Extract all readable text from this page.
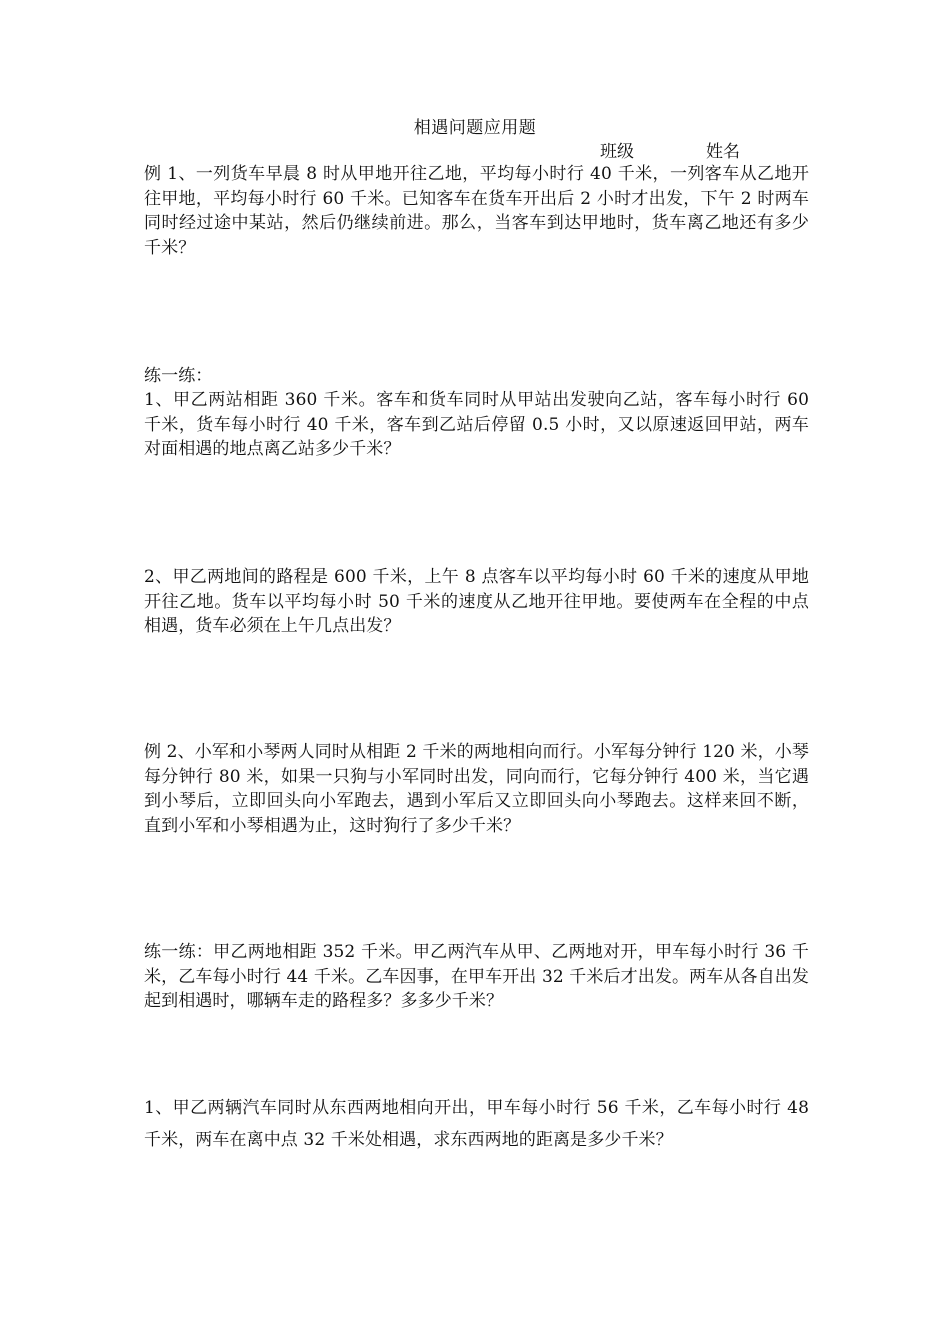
相遇问题应用题
班级	姓名
例 1、一列货车早晨 8 时从甲地开往乙地，平均每小时行 40 千米，一列客车从乙地开往甲地，平均每小时行 60 千米。已知客车在货车开出后 2 小时才出发，下午 2 时两车同时经过途中某站，然后仍继续前进。那么，当客车到达甲地时，货车离乙地还有多少千米？
练一练：
1、甲乙两站相距 360 千米。客车和货车同时从甲站出发驶向乙站，客车每小时行 60 千米，货车每小时行 40 千米，客车到乙站后停留 0.5 小时，又以原速返回甲站，两车对面相遇的地点离乙站多少千米？
2、甲乙两地间的路程是 600 千米，上午 8 点客车以平均每小时 60 千米的速度从甲地开往乙地。货车以平均每小时 50 千米的速度从乙地开往甲地。要使两车在全程的中点相遇，货车必须在上午几点出发？
例 2、小军和小琴两人同时从相距 2 千米的两地相向而行。小军每分钟行 120 米，小琴每分钟行 80 米，如果一只狗与小军同时出发，同向而行，它每分钟行 400 米，当它遇到小琴后，立即回头向小军跑去，遇到小军后又立即回头向小琴跑去。这样来回不断，直到小军和小琴相遇为止，这时狗行了多少千米？
练一练：甲乙两地相距 352 千米。甲乙两汽车从甲、乙两地对开，甲车每小时行 36 千米，乙车每小时行 44 千米。乙车因事，在甲车开出 32 千米后才出发。两车从各自出发起到相遇时，哪辆车走的路程多？多多少千米？
1、甲乙两辆汽车同时从东西两地相向开出，甲车每小时行 56 千米，乙车每小时行 48 千米，两车在离中点 32 千米处相遇，求东西两地的距离是多少千米？
